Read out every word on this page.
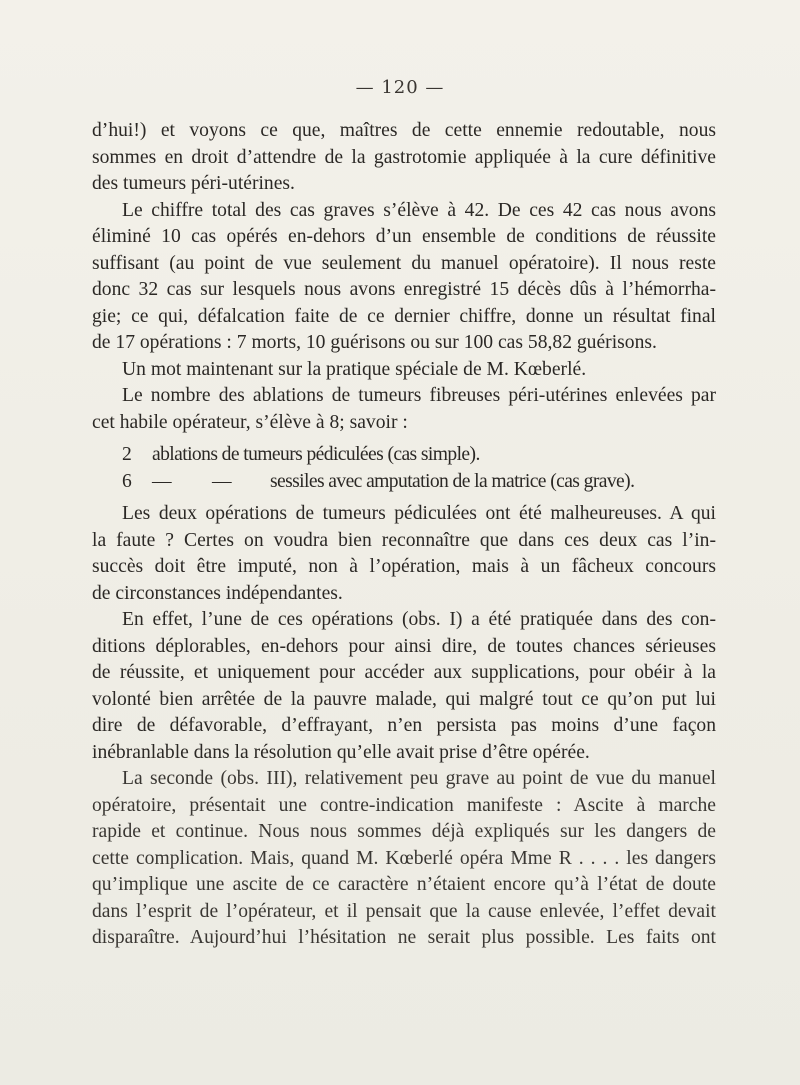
— 120 —
d’hui!) et voyons ce que, maîtres de cette ennemie redoutable, nous
sommes en droit d’attendre de la gastrotomie appliquée à la cure définitive
des tumeurs péri-utérines.
Le chiffre total des cas graves s’élève à 42. De ces 42 cas nous avons
éliminé 10 cas opérés en-dehors d’un ensemble de conditions de réussite
suffisant (au point de vue seulement du manuel opératoire). Il nous reste
donc 32 cas sur lesquels nous avons enregistré 15 décès dûs à l’hémorrha-
gie; ce qui, défalcation faite de ce dernier chiffre, donne un résultat final
de 17 opérations : 7 morts, 10 guérisons ou sur 100 cas 58,82 guérisons.
Un mot maintenant sur la pratique spéciale de M. Kœberlé.
Le nombre des ablations de tumeurs fibreuses péri-utérines enlevées par
cet habile opérateur, s’élève à 8; savoir :
2	ablations de tumeurs pédiculées (cas simple).
6	—	—	sessiles avec amputation de la matrice (cas grave).
Les deux opérations de tumeurs pédiculées ont été malheureuses. A qui
la faute ? Certes on voudra bien reconnaître que dans ces deux cas l’in-
succès doit être imputé, non à l’opération, mais à un fâcheux concours
de circonstances indépendantes.
En effet, l’une de ces opérations (obs. I) a été pratiquée dans des con-
ditions déplorables, en-dehors pour ainsi dire, de toutes chances sérieuses
de réussite, et uniquement pour accéder aux supplications, pour obéir à la
volonté bien arrêtée de la pauvre malade, qui malgré tout ce qu’on put lui
dire de défavorable, d’effrayant, n’en persista pas moins d’une façon
inébranlable dans la résolution qu’elle avait prise d’être opérée.
La seconde (obs. III), relativement peu grave au point de vue du manuel
opératoire, présentait une contre-indication manifeste : Ascite à marche
rapide et continue. Nous nous sommes déjà expliqués sur les dangers de
cette complication. Mais, quand M. Kœberlé opéra Mme R . . . . les dangers
qu’implique une ascite de ce caractère n’étaient encore qu’à l’état de doute
dans l’esprit de l’opérateur, et il pensait que la cause enlevée, l’effet devait
disparaître. Aujourd’hui l’hésitation ne serait plus possible. Les faits ont
